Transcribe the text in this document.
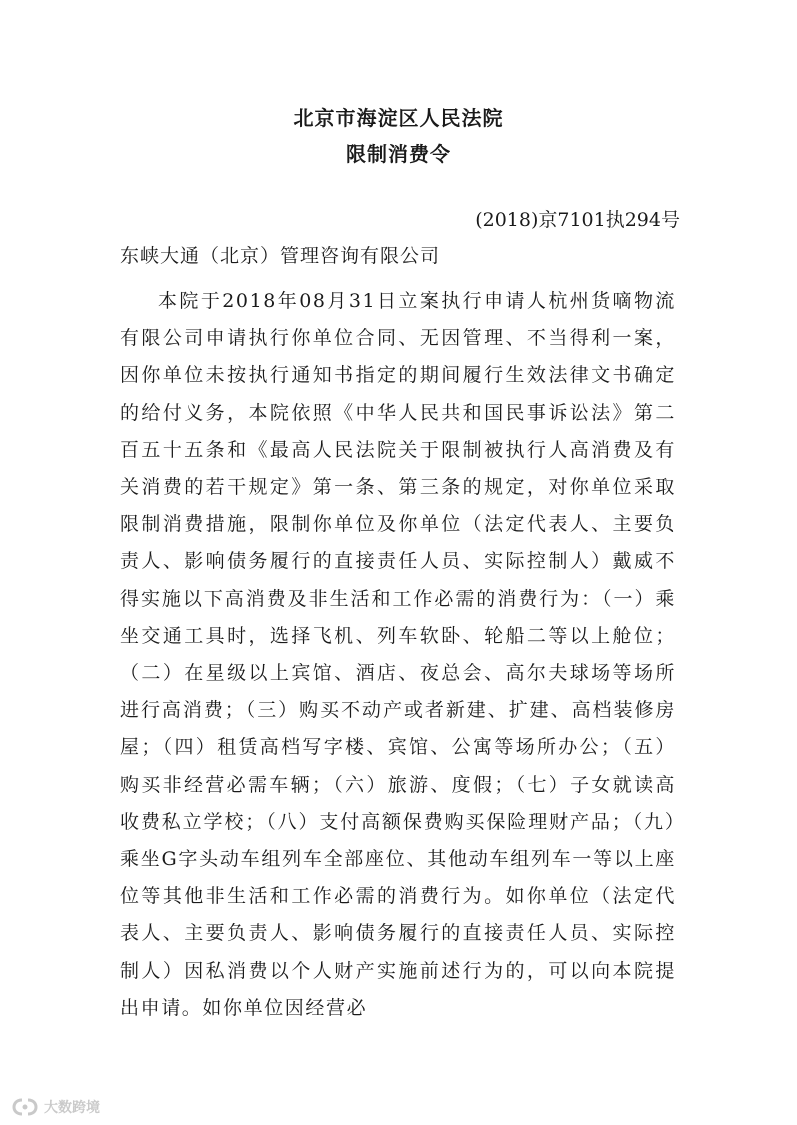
北京市海淀区人民法院
限制消费令
(2018)京7101执294号
东峡大通（北京）管理咨询有限公司

本院于2018年08月31日立案执行申请人杭州货嘀物流有限公司申请执行你单位合同、无因管理、不当得利一案，因你单位未按执行通知书指定的期间履行生效法律文书确定的给付义务，本院依照《中华人民共和国民事诉讼法》第二百五十五条和《最高人民法院关于限制被执行人高消费及有关消费的若干规定》第一条、第三条的规定，对你单位采取限制消费措施，限制你单位及你单位（法定代表人、主要负责人、影响债务履行的直接责任人员、实际控制人）戴威不得实施以下高消费及非生活和工作必需的消费行为：（一）乘坐交通工具时，选择飞机、列车软卧、轮船二等以上舱位；（二）在星级以上宾馆、酒店、夜总会、高尔夫球场等场所进行高消费；（三）购买不动产或者新建、扩建、高档装修房屋；（四）租赁高档写字楼、宾馆、公寓等场所办公；（五）购买非经营必需车辆；（六）旅游、度假；（七）子女就读高收费私立学校；（八）支付高额保费购买保险理财产品；（九）乘坐G字头动车组列车全部座位、其他动车组列车一等以上座位等其他非生活和工作必需的消费行为。如你单位（法定代表人、主要负责人、影响债务履行的直接责任人员、实际控制人）因私消费以个人财产实施前述行为的，可以向本院提出申请。如你单位因经营必

大数跨境
